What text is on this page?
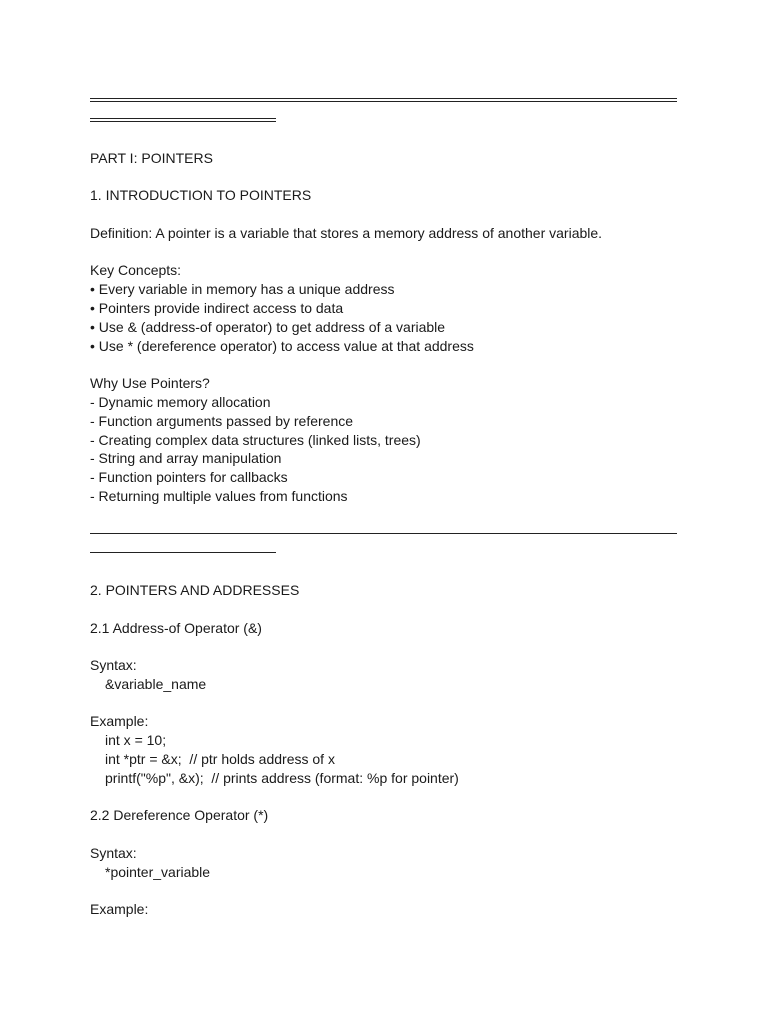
PART I: POINTERS
1. INTRODUCTION TO POINTERS
Definition: A pointer is a variable that stores a memory address of another variable.
Key Concepts:
• Every variable in memory has a unique address
• Pointers provide indirect access to data
• Use & (address-of operator) to get address of a variable
• Use * (dereference operator) to access value at that address
Why Use Pointers?
- Dynamic memory allocation
- Function arguments passed by reference
- Creating complex data structures (linked lists, trees)
- String and array manipulation
- Function pointers for callbacks
- Returning multiple values from functions
2. POINTERS AND ADDRESSES
2.1 Address-of Operator (&)
Syntax:
&variable_name
Example:
int x = 10;
int *ptr = &x;  // ptr holds address of x
printf("%p", &x);  // prints address (format: %p for pointer)
2.2 Dereference Operator (*)
Syntax:
*pointer_variable
Example:
